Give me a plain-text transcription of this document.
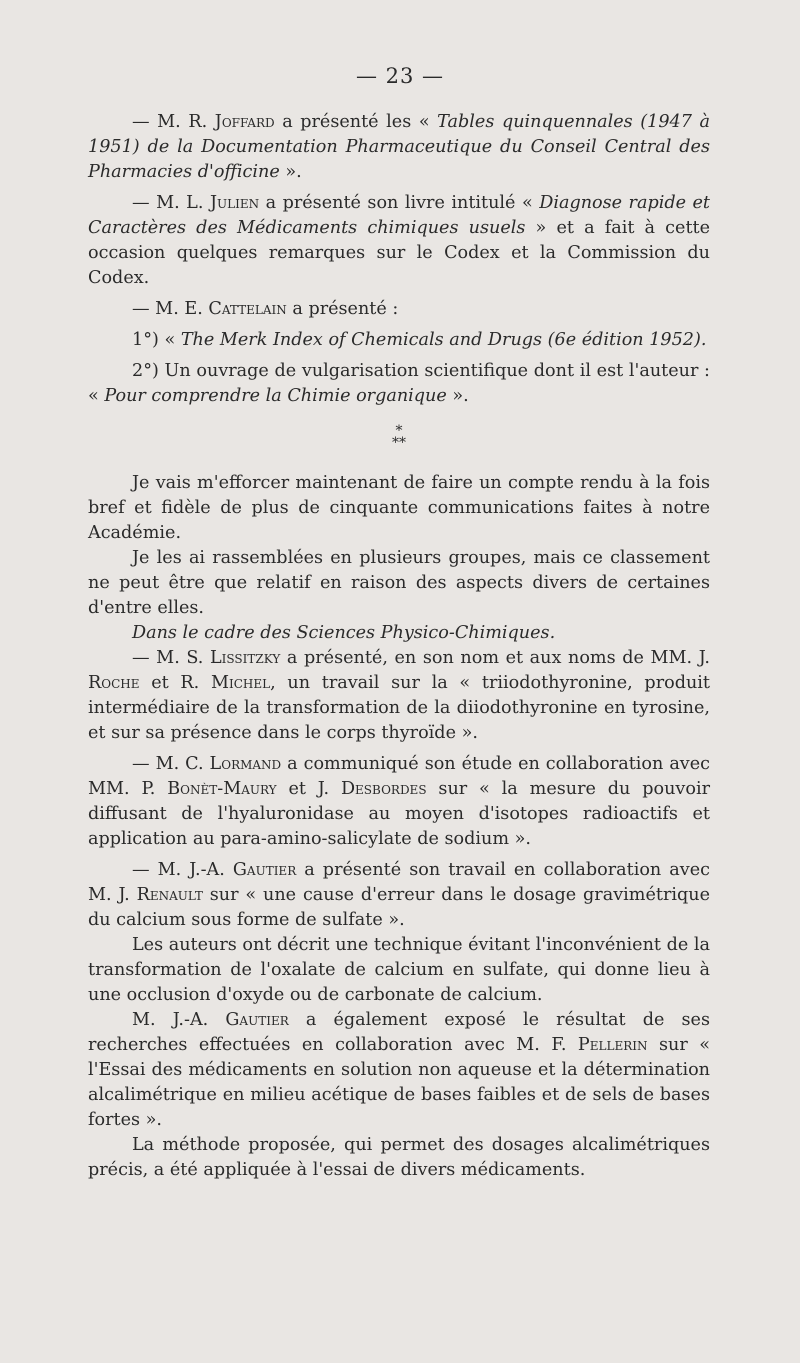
— 23 —

— M. R. Joffard a présenté les « Tables quinquennales (1947 à 1951) de la Documentation Pharmaceutique du Conseil Central des Pharmacies d'officine ».

— M. L. Julien a présenté son livre intitulé « Diagnose rapide et Caractères des Médicaments chimiques usuels » et a fait à cette occasion quelques remarques sur le Codex et la Commission du Codex.

— M. E. Cattelain a présenté :

1°) « The Merk Index of Chemicals and Drugs (6e édition 1952).

2°) Un ouvrage de vulgarisation scientifique dont il est l'auteur : « Pour comprendre la Chimie organique ».

*
**

Je vais m'efforcer maintenant de faire un compte rendu à la fois bref et fidèle de plus de cinquante communications faites à notre Académie.

Je les ai rassemblées en plusieurs groupes, mais ce classement ne peut être que relatif en raison des aspects divers de certaines d'entre elles.

Dans le cadre des Sciences Physico-Chimiques.

— M. S. Lissitzky a présenté, en son nom et aux noms de MM. J. Roche et R. Michel, un travail sur la « triiodothyronine, produit intermédiaire de la transformation de la diiodothyronine en tyrosine, et sur sa présence dans le corps thyroïde ».

— M. C. Lormand a communiqué son étude en collaboration avec MM. P. Bonèt-Maury et J. Desbordes sur « la mesure du pouvoir diffusant de l'hyaluronidase au moyen d'isotopes radioactifs et application au para-amino-salicylate de sodium ».

— M. J.-A. Gautier a présenté son travail en collaboration avec M. J. Renault sur « une cause d'erreur dans le dosage gravimétrique du calcium sous forme de sulfate ».

Les auteurs ont décrit une technique évitant l'inconvénient de la transformation de l'oxalate de calcium en sulfate, qui donne lieu à une occlusion d'oxyde ou de carbonate de calcium.

M. J.-A. Gautier a également exposé le résultat de ses recherches effectuées en collaboration avec M. F. Pellerin sur « l'Essai des médicaments en solution non aqueuse et la détermination alcalimétrique en milieu acétique de bases faibles et de sels de bases fortes ».

La méthode proposée, qui permet des dosages alcalimétriques précis, a été appliquée à l'essai de divers médicaments.
